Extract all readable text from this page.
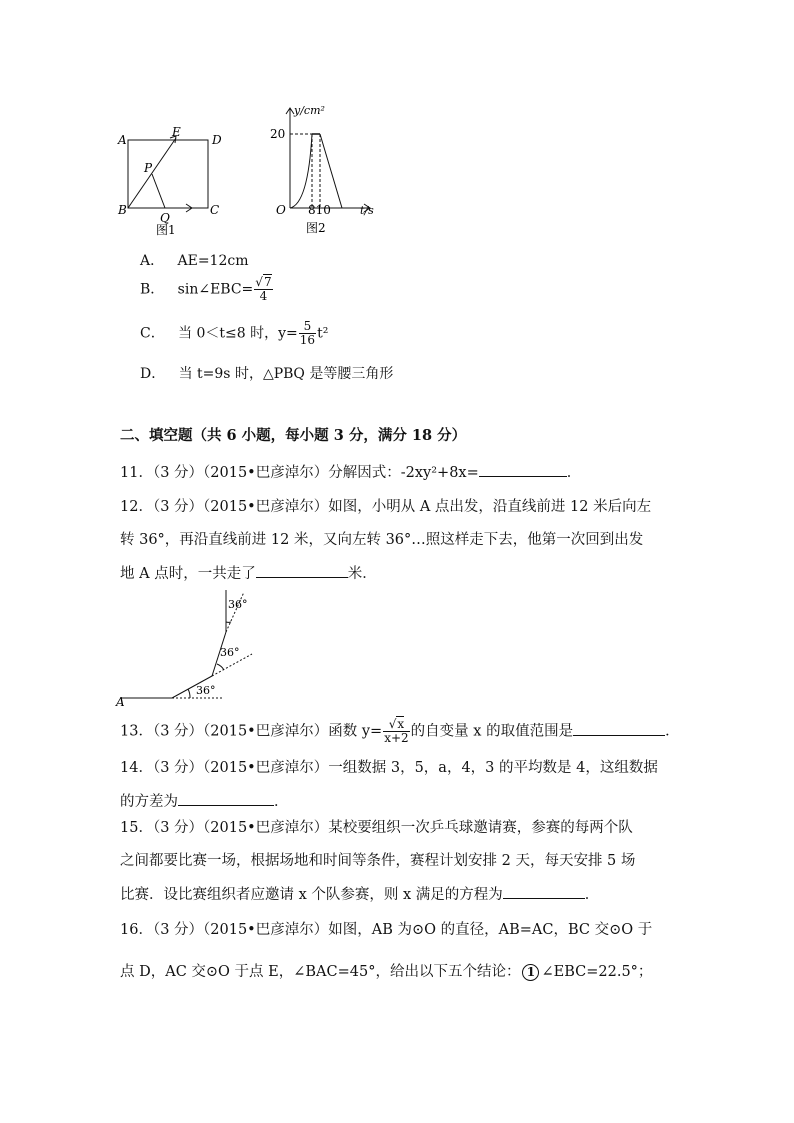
A
E
D
P
B
Q
C
图1
y/cm²
20
O 810	t/s
图2
A． AE=12cm
B． sin∠EBC= $\frac{√7}{4}$
C． 当 0＜t≤8 时，$y= \frac{5}{16} t^2$
D． 当 t=9s 时，△PBQ 是等腰三角形
二、填空题（共 6 小题，每小题 3 分，满分 18 分）
11．（3 分）（2015•巴彦淖尔）分解因式：-2xy²+8x=	．
12．（3 分）（2015•巴彦淖尔）如图，小明从 A 点出发，沿直线前进 12 米后向左
转 36°，再沿直线前进 12 米，又向左转 36°…照这样走下去，他第一次回到出发
地 A 点时，一共走了	米．
A
36°
36°
36°
13．（3 分）（2015•巴彦淖尔）函数 $y= \frac{√x}{x+2}$ 的自变量 x 的取值范围是	．
14．（3 分）（2015•巴彦淖尔）一组数据 3，5，a，4，3 的平均数是 4，这组数据
的方差为	．
15．（3 分）（2015•巴彦淖尔）某校要组织一次乒乓球邀请赛，参赛的每两个队
之间都要比赛一场，根据场地和时间等条件，赛程计划安排 2 天，每天安排 5 场
比赛．设比赛组织者应邀请 x 个队参赛，则 x 满足的方程为	．
16．（3 分）（2015•巴彦淖尔）如图，AB 为⊙O 的直径，AB=AC，BC 交⊙O 于
点 D，AC 交⊙O 于点 E，∠BAC=45°，给出以下五个结论： 1 ∠EBC=22.5°；
